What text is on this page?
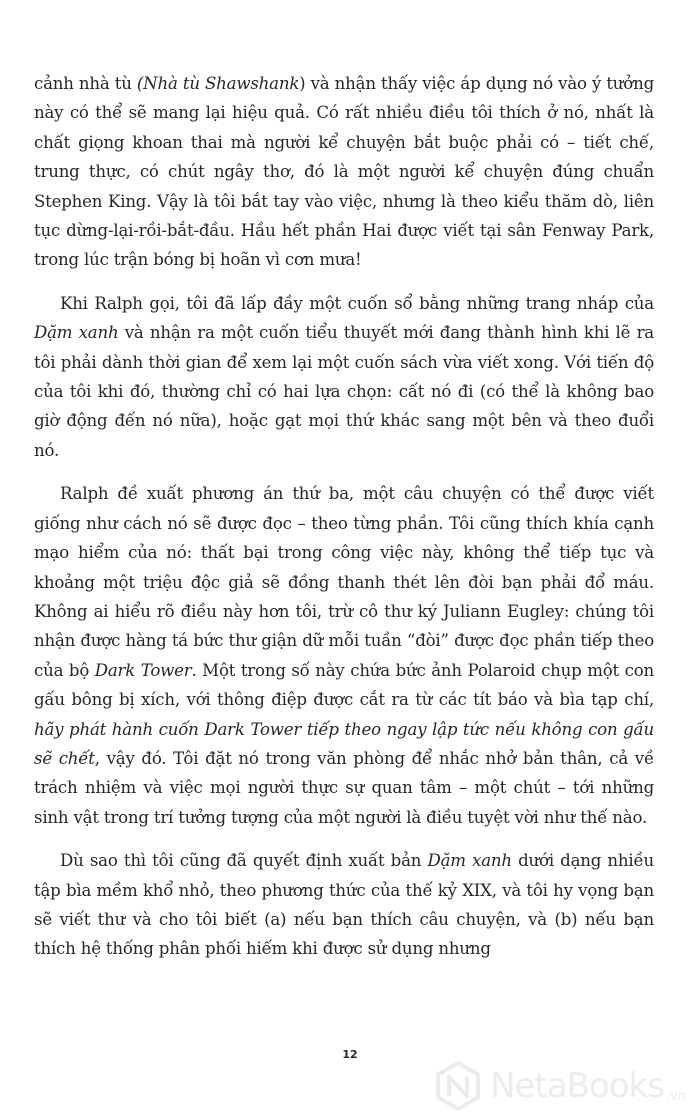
cảnh nhà tù (Nhà tù Shawshank) và nhận thấy việc áp dụng nó vào ý tưởng này có thể sẽ mang lại hiệu quả. Có rất nhiều điều tôi thích ở nó, nhất là chất giọng khoan thai mà người kể chuyện bắt buộc phải có – tiết chế, trung thực, có chút ngây thơ, đó là một người kể chuyện đúng chuẩn Stephen King. Vậy là tôi bắt tay vào việc, nhưng là theo kiểu thăm dò, liên tục dừng-lại-rồi-bắt-đầu. Hầu hết phần Hai được viết tại sân Fenway Park, trong lúc trận bóng bị hoãn vì cơn mưa!

Khi Ralph gọi, tôi đã lấp đầy một cuốn sổ bằng những trang nháp của Dặm xanh và nhận ra một cuốn tiểu thuyết mới đang thành hình khi lẽ ra tôi phải dành thời gian để xem lại một cuốn sách vừa viết xong. Với tiến độ của tôi khi đó, thường chỉ có hai lựa chọn: cất nó đi (có thể là không bao giờ động đến nó nữa), hoặc gạt mọi thứ khác sang một bên và theo đuổi nó.

Ralph đề xuất phương án thứ ba, một câu chuyện có thể được viết giống như cách nó sẽ được đọc – theo từng phần. Tôi cũng thích khía cạnh mạo hiểm của nó: thất bại trong công việc này, không thể tiếp tục và khoảng một triệu độc giả sẽ đồng thanh thét lên đòi bạn phải đổ máu. Không ai hiểu rõ điều này hơn tôi, trừ cô thư ký Juliann Eugley: chúng tôi nhận được hàng tá bức thư giận dữ mỗi tuần “đòi” được đọc phần tiếp theo của bộ Dark Tower. Một trong số này chứa bức ảnh Polaroid chụp một con gấu bông bị xích, với thông điệp được cắt ra từ các tít báo và bìa tạp chí, hãy phát hành cuốn Dark Tower tiếp theo ngay lập tức nếu không con gấu sẽ chết, vậy đó. Tôi đặt nó trong văn phòng để nhắc nhở bản thân, cả về trách nhiệm và việc mọi người thực sự quan tâm – một chút – tới những sinh vật trong trí tưởng tượng của một người là điều tuyệt vời như thế nào.

Dù sao thì tôi cũng đã quyết định xuất bản Dặm xanh dưới dạng nhiều tập bìa mềm khổ nhỏ, theo phương thức của thế kỷ XIX, và tôi hy vọng bạn sẽ viết thư và cho tôi biết (a) nếu bạn thích câu chuyện, và (b) nếu bạn thích hệ thống phân phối hiếm khi được sử dụng nhưng

12
NetaBooks .vn
